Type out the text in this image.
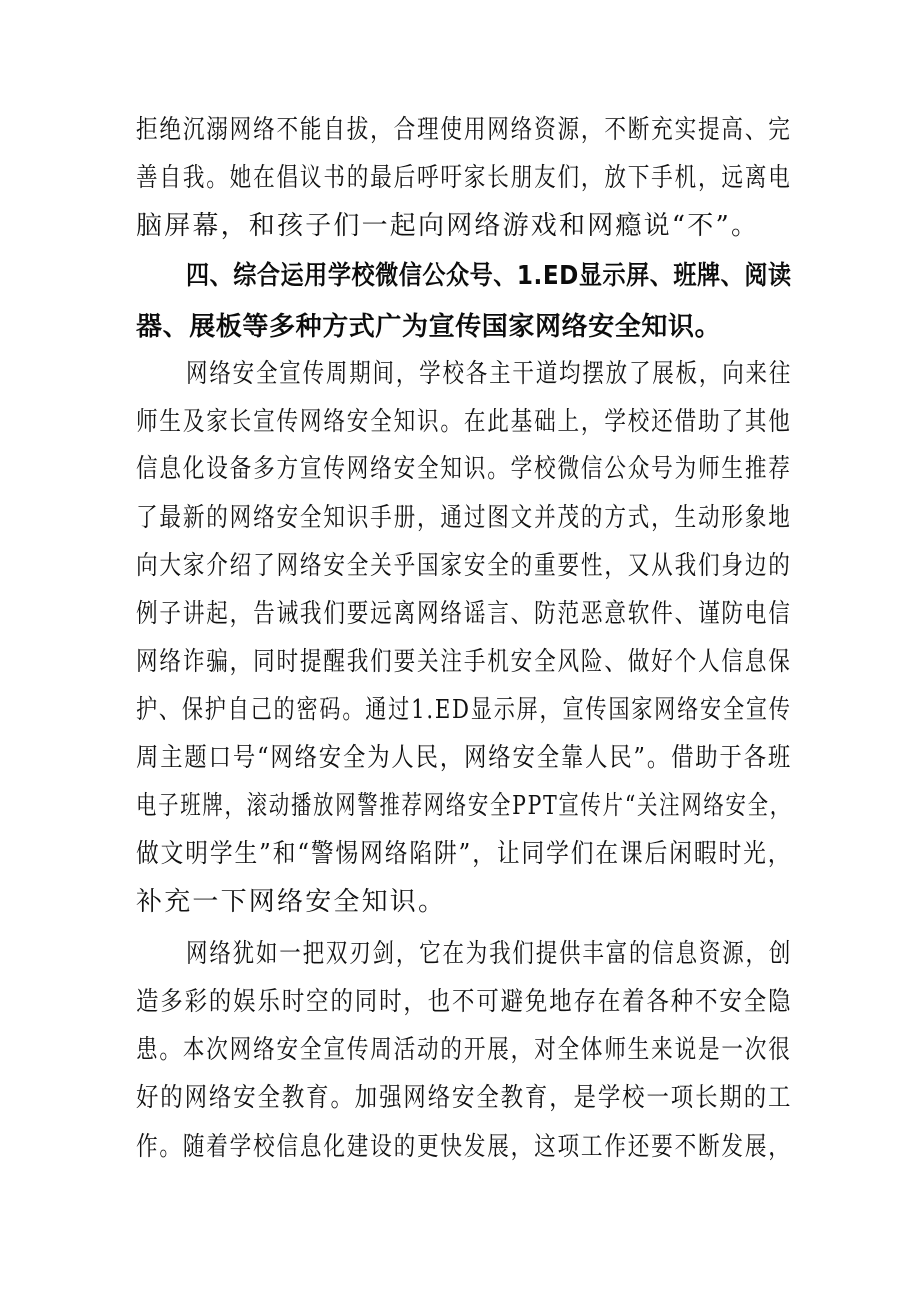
拒绝沉溺网络不能自拔，合理使用网络资源，不断充实提高、完
善自我。她在倡议书的最后呼吁家长朋友们，放下手机，远离电
脑屏幕，和孩子们一起向网络游戏和网瘾说“不”。
四、综合运用学校微信公众号、1.ED显示屏、班牌、阅读
器、展板等多种方式广为宣传国家网络安全知识。
网络安全宣传周期间，学校各主干道均摆放了展板，向来往
师生及家长宣传网络安全知识。在此基础上，学校还借助了其他
信息化设备多方宣传网络安全知识。学校微信公众号为师生推荐
了最新的网络安全知识手册，通过图文并茂的方式，生动形象地
向大家介绍了网络安全关乎国家安全的重要性，又从我们身边的
例子讲起，告诫我们要远离网络谣言、防范恶意软件、谨防电信
网络诈骗，同时提醒我们要关注手机安全风险、做好个人信息保
护、保护自己的密码。通过1.ED显示屏，宣传国家网络安全宣传
周主题口号“网络安全为人民，网络安全靠人民”。借助于各班
电子班牌，滚动播放网警推荐网络安全PPT宣传片“关注网络安全，
做文明学生”和“警惕网络陷阱”，让同学们在课后闲暇时光，
补充一下网络安全知识。
网络犹如一把双刃剑，它在为我们提供丰富的信息资源，创
造多彩的娱乐时空的同时，也不可避免地存在着各种不安全隐
患。本次网络安全宣传周活动的开展，对全体师生来说是一次很
好的网络安全教育。加强网络安全教育，是学校一项长期的工
作。随着学校信息化建设的更快发展，这项工作还要不断发展，
